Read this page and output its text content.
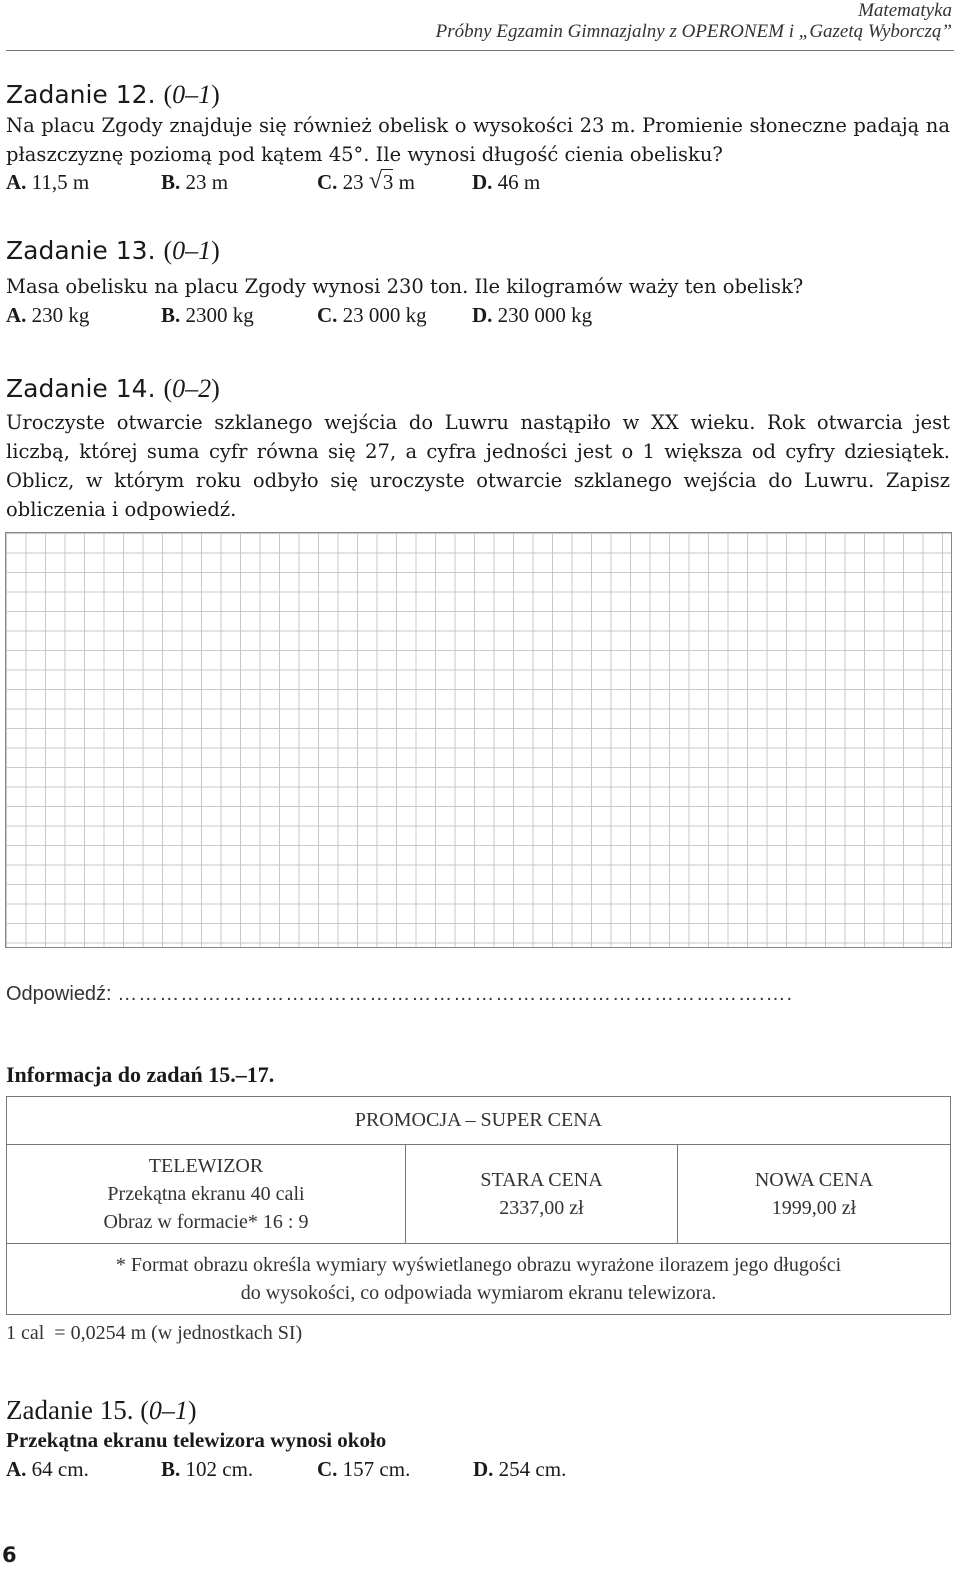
Matematyka
Próbny Egzamin Gimnazjalny z OPERONEM i „Gazetą Wyborczą”
Zadanie 12. (0–1)
Na placu Zgody znajduje się również obelisk o wysokości 23 m. Promienie słoneczne padają na płaszczyznę poziomą pod kątem 45°. Ile wynosi długość cienia obelisku?
A. 11,5 m	B. 23 m	C. 23 √ 3 m	D. 46 m
Zadanie 13. (0–1)
Masa obelisku na placu Zgody wynosi 230 ton. Ile kilogramów waży ten obelisk?
A. 230 kg	B. 2300 kg	C. 23 000 kg	D. 230 000 kg
Zadanie 14. (0–2)
Uroczyste otwarcie szklanego wejścia do Luwru nastąpiło w XX wieku. Rok otwarcia jest liczbą, której suma cyfr równa się 27, a cyfra jedności jest o 1 większa od cyfry dziesiątek. Oblicz, w którym roku odbyło się uroczyste otwarcie szklanego wejścia do Luwru. Zapisz obliczenia i odpowiedź.
Odpowiedź: ……………………………………………………….....…………………….….
Informacja do zadań 15.–17.
PROMOCJA – SUPER CENA

TELEWIZOR
Przekątna ekranu 40 cali
Obraz w formacie* 16 : 9

STARA CENA
2337,00 zł

NOWA CENA
1999,00 zł

* Format obrazu określa wymiary wyświetlanego obrazu wyrażone ilorazem jego długości
do wysokości, co odpowiada wymiarom ekranu telewizora.
1 cal  = 0,0254 m (w jednostkach SI)
Zadanie 15. (0–1)
Przekątna ekranu telewizora wynosi około
A. 64 cm.	B. 102 cm.	C. 157 cm.	D. 254 cm.
6
